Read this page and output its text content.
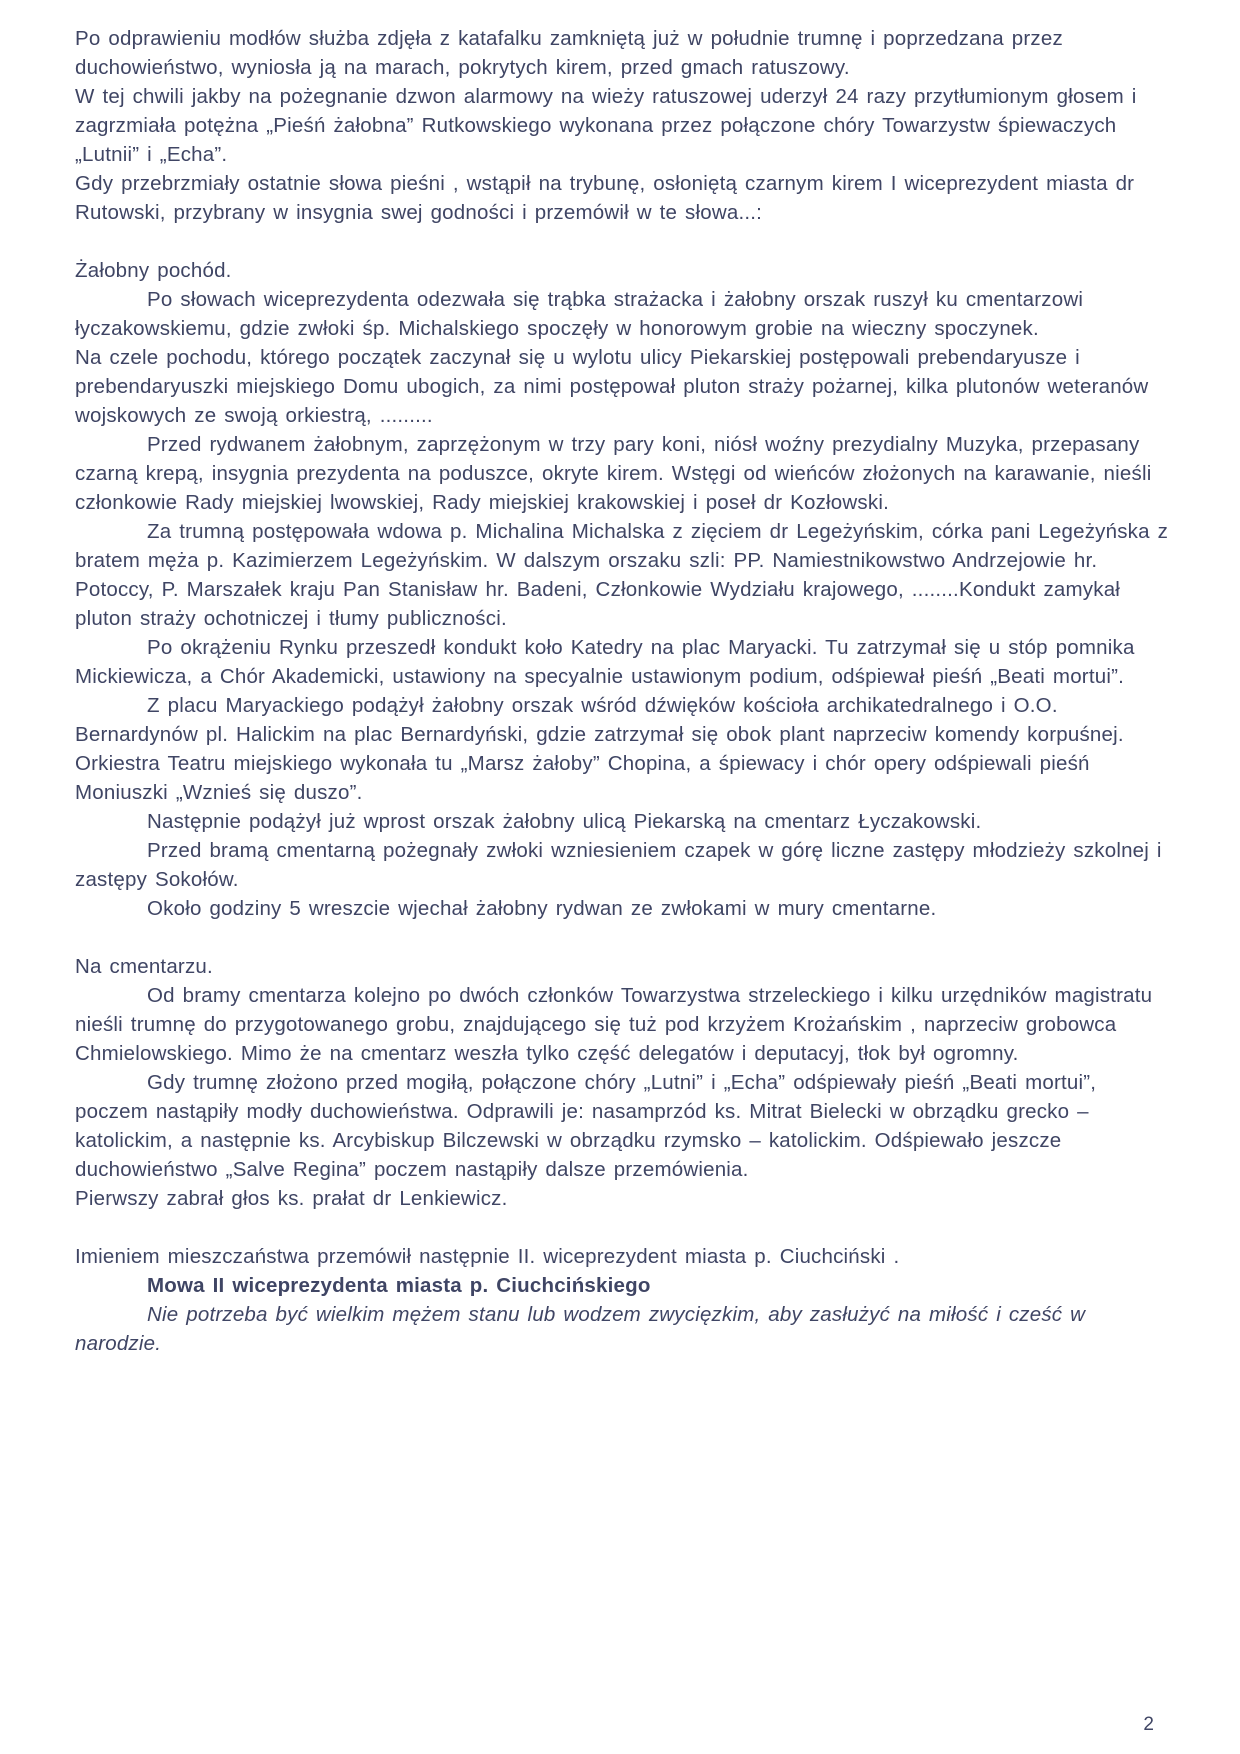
Po odprawieniu modłów służba zdjęła z katafalku zamkniętą już w południe trumnę i poprzedzana przez duchowieństwo, wyniosła ją na marach, pokrytych kirem, przed gmach ratuszowy.

W tej chwili jakby na pożegnanie dzwon alarmowy na wieży ratuszowej uderzył 24 razy przytłumionym głosem i zagrzmiała potężna „Pieśń żałobna” Rutkowskiego wykonana przez połączone chóry Towarzystw śpiewaczych „Lutnii” i „Echa”.

Gdy przebrzmiały ostatnie słowa pieśni , wstąpił na trybunę, osłoniętą czarnym kirem I wiceprezydent miasta dr Rutowski, przybrany w insygnia swej godności i przemówił w te słowa...:

Żałobny pochód.

Po słowach wiceprezydenta odezwała się trąbka strażacka i żałobny orszak ruszył ku cmentarzowi łyczakowskiemu, gdzie zwłoki śp. Michalskiego spoczęły w honorowym grobie na wieczny spoczynek.

Na czele pochodu, którego początek zaczynał się u wylotu ulicy Piekarskiej postępowali prebendaryusze i prebendaryuszki miejskiego Domu ubogich, za nimi postępował pluton straży pożarnej, kilka plutonów weteranów wojskowych ze swoją orkiestrą, .........

Przed rydwanem żałobnym, zaprzężonym w trzy pary koni, niósł woźny prezydialny Muzyka, przepasany czarną krepą, insygnia prezydenta na poduszce, okryte kirem. Wstęgi od wieńców złożonych na karawanie, nieśli członkowie Rady miejskiej lwowskiej, Rady miejskiej krakowskiej i poseł dr Kozłowski.

Za trumną postępowała wdowa p. Michalina Michalska z zięciem dr Legeżyńskim, córka pani Legeżyńska z bratem męża p. Kazimierzem Legeżyńskim. W dalszym orszaku szli: PP. Namiestnikowstwo Andrzejowie hr. Potoccy, P. Marszałek kraju Pan Stanisław hr. Badeni, Członkowie Wydziału krajowego, ........Kondukt zamykał pluton straży ochotniczej i tłumy publiczności.

Po okrążeniu Rynku przeszedł kondukt koło Katedry na plac Maryacki. Tu zatrzymał się u stóp pomnika Mickiewicza, a Chór Akademicki, ustawiony na specyalnie ustawionym podium, odśpiewał pieśń „Beati mortui”.

Z placu Maryackiego podążył żałobny orszak wśród dźwięków kościoła archikatedralnego i O.O. Bernardynów pl. Halickim na plac Bernardyński, gdzie zatrzymał się obok plant naprzeciw komendy korpuśnej. Orkiestra Teatru miejskiego wykonała tu „Marsz żałoby” Chopina, a śpiewacy i chór opery odśpiewali pieśń Moniuszki „Wznieś się duszo”.

Następnie podążył już wprost orszak żałobny ulicą Piekarską na cmentarz Łyczakowski.

Przed bramą cmentarną pożegnały zwłoki wzniesieniem czapek w górę liczne zastępy młodzieży szkolnej i zastępy Sokołów.

Około godziny 5 wreszcie wjechał żałobny rydwan ze zwłokami w mury cmentarne.

Na cmentarzu.

Od bramy cmentarza kolejno po dwóch członków Towarzystwa strzeleckiego i kilku urzędników magistratu nieśli trumnę do przygotowanego grobu, znajdującego się tuż pod krzyżem Krożańskim , naprzeciw grobowca Chmielowskiego. Mimo że na cmentarz weszła tylko część delegatów i deputacyj, tłok był ogromny.

Gdy trumnę złożono przed mogiłą, połączone chóry „Lutni” i „Echa” odśpiewały pieśń „Beati mortui”, poczem nastąpiły modły duchowieństwa. Odprawili je: nasamprzód ks. Mitrat Bielecki w obrządku grecko – katolickim, a następnie ks. Arcybiskup Bilczewski w obrządku rzymsko – katolickim. Odśpiewało jeszcze duchowieństwo „Salve Regina” poczem nastąpiły dalsze przemówienia.

Pierwszy zabrał głos ks. prałat dr Lenkiewicz.

Imieniem mieszczaństwa przemówił następnie II. wiceprezydent miasta p. Ciuchciński .

Mowa II wiceprezydenta miasta p. Ciuchcińskiego

Nie potrzeba być wielkim mężem stanu lub wodzem zwycięzkim, aby zasłużyć na miłość i cześć w narodzie.

2
